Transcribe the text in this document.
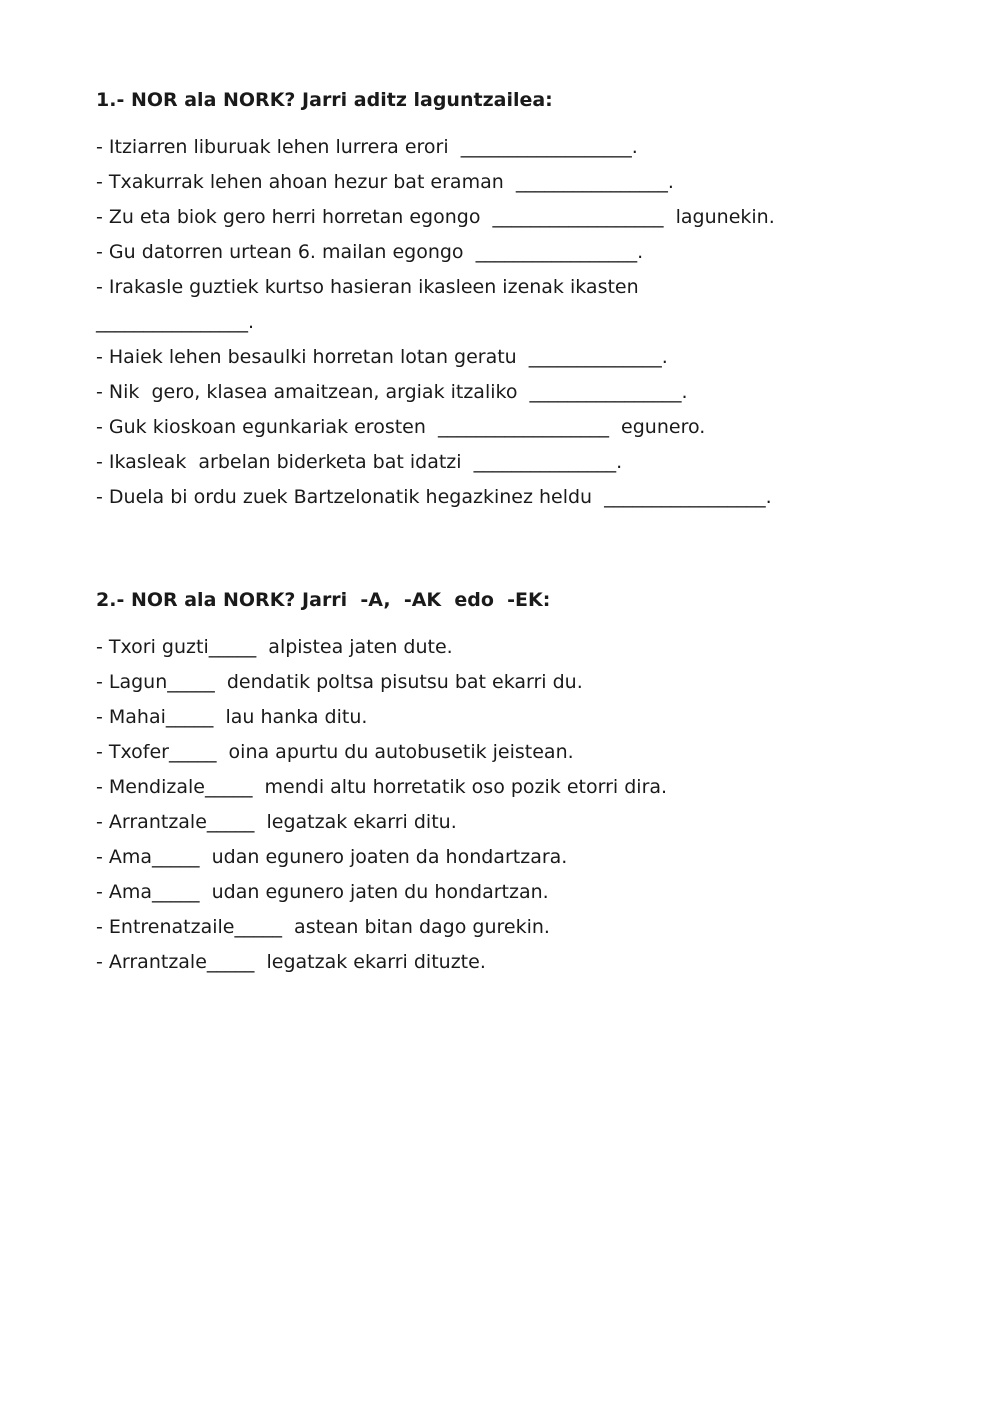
1.- NOR ala NORK? Jarri aditz laguntzailea:
- Itziarren liburuak lehen lurrera erori  __________________.
- Txakurrak lehen ahoan hezur bat eraman  ________________.
- Zu eta biok gero herri horretan egongo  __________________  lagunekin.
- Gu datorren urtean 6. mailan egongo  _________________.
- Irakasle guztiek kurtso hasieran ikasleen izenak ikasten
________________.
- Haiek lehen besaulki horretan lotan geratu  ______________.
- Nik  gero, klasea amaitzean, argiak itzaliko  ________________.
- Guk kioskoan egunkariak erosten  __________________  egunero.
- Ikasleak  arbelan biderketa bat idatzi  _______________.
- Duela bi ordu zuek Bartzelonatik hegazkinez heldu  _________________.
2.- NOR ala NORK? Jarri  -A,  -AK  edo  -EK:
- Txori guzti_____  alpistea jaten dute.
- Lagun_____  dendatik poltsa pisutsu bat ekarri du.
- Mahai_____  lau hanka ditu.
- Txofer_____  oina apurtu du autobusetik jeistean.
- Mendizale_____  mendi altu horretatik oso pozik etorri dira.
- Arrantzale_____  legatzak ekarri ditu.
- Ama_____  udan egunero joaten da hondartzara.
- Ama_____  udan egunero jaten du hondartzan.
- Entrenatzaile_____  astean bitan dago gurekin.
- Arrantzale_____  legatzak ekarri dituzte.
